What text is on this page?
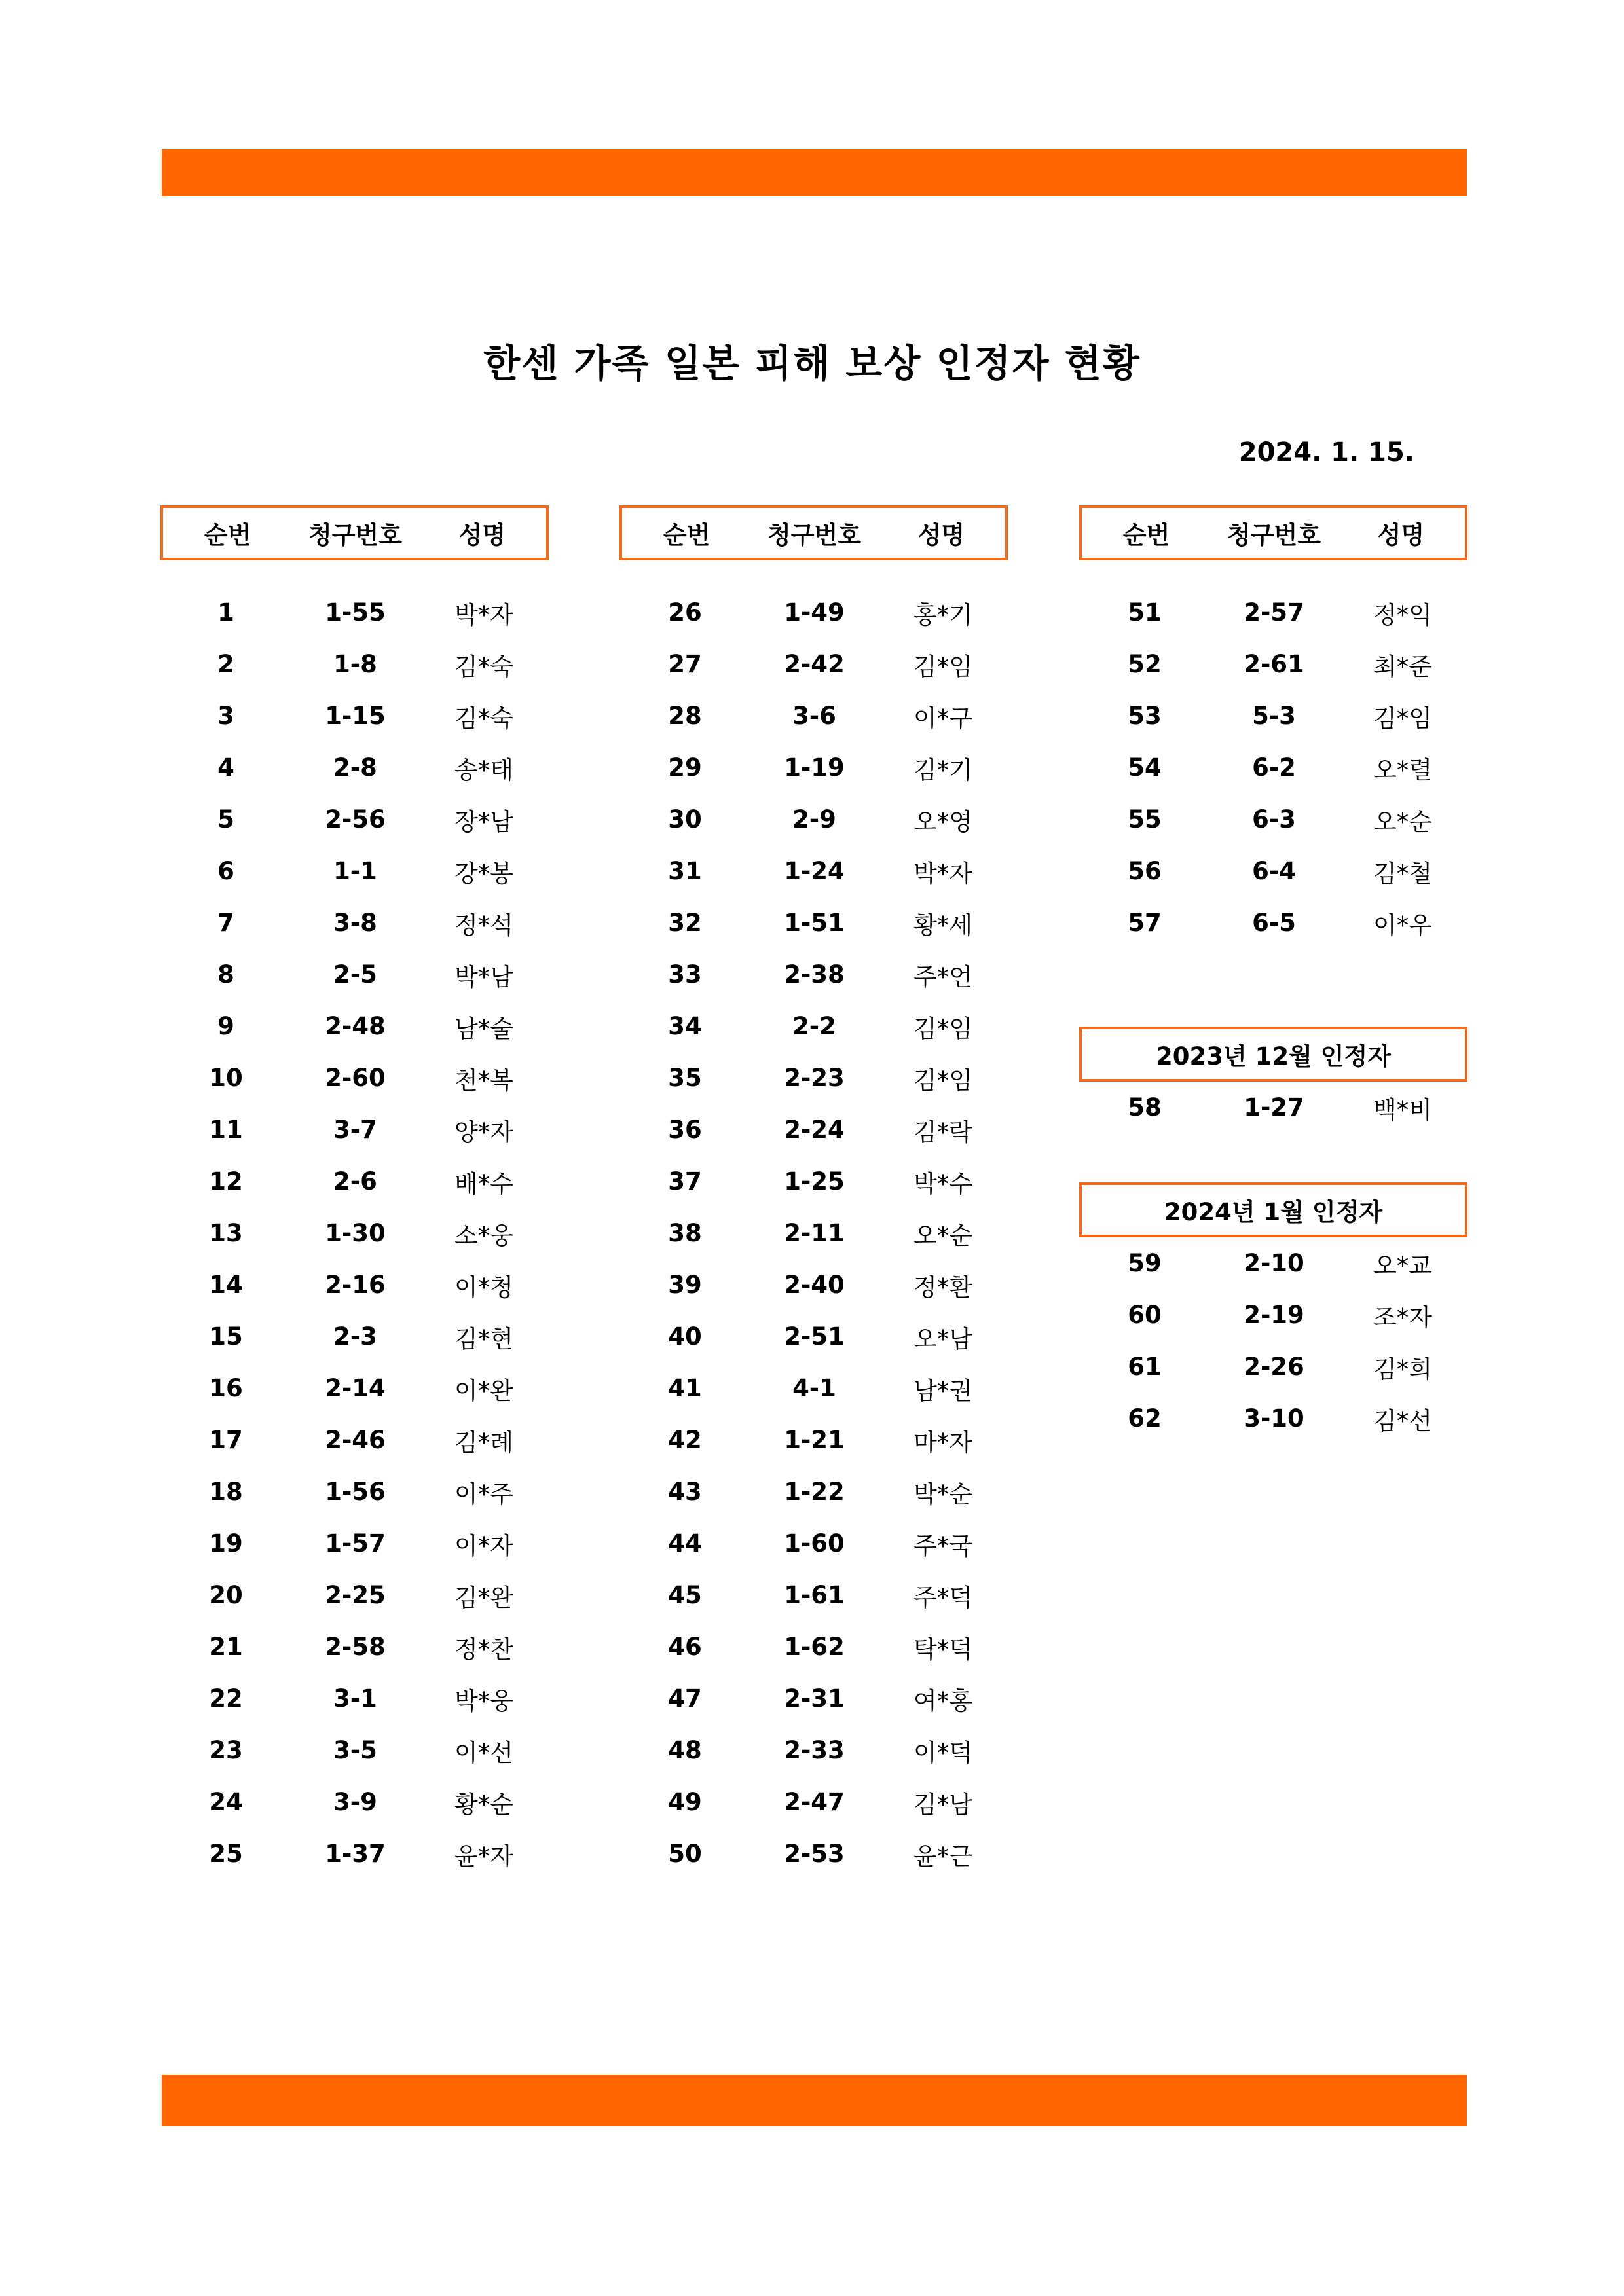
한센 가족 일본 피해 보상 인정자 현황
2024. 1. 15.
순번	청구번호	성명
1	1-55	박*자
2	1-8	김*숙
3	1-15	김*숙
4	2-8	송*태
5	2-56	장*남
6	1-1	강*봉
7	3-8	정*석
8	2-5	박*남
9	2-48	남*술
10	2-60	천*복
11	3-7	양*자
12	2-6	배*수
13	1-30	소*웅
14	2-16	이*청
15	2-3	김*현
16	2-14	이*완
17	2-46	김*례
18	1-56	이*주
19	1-57	이*자
20	2-25	김*완
21	2-58	정*찬
22	3-1	박*웅
23	3-5	이*선
24	3-9	황*순
25	1-37	윤*자
순번	청구번호	성명
26	1-49	홍*기
27	2-42	김*임
28	3-6	이*구
29	1-19	김*기
30	2-9	오*영
31	1-24	박*자
32	1-51	황*세
33	2-38	주*언
34	2-2	김*임
35	2-23	김*임
36	2-24	김*락
37	1-25	박*수
38	2-11	오*순
39	2-40	정*환
40	2-51	오*남
41	4-1	남*권
42	1-21	마*자
43	1-22	박*순
44	1-60	주*국
45	1-61	주*덕
46	1-62	탁*덕
47	2-31	여*홍
48	2-33	이*덕
49	2-47	김*남
50	2-53	윤*근
순번	청구번호	성명
51	2-57	정*익
52	2-61	최*준
53	5-3	김*임
54	6-2	오*렬
55	6-3	오*순
56	6-4	김*철
57	6-5	이*우
2023년 12월 인정자
58	1-27	백*비
2024년 1월 인정자
59	2-10	오*교
60	2-19	조*자
61	2-26	김*희
62	3-10	김*선
